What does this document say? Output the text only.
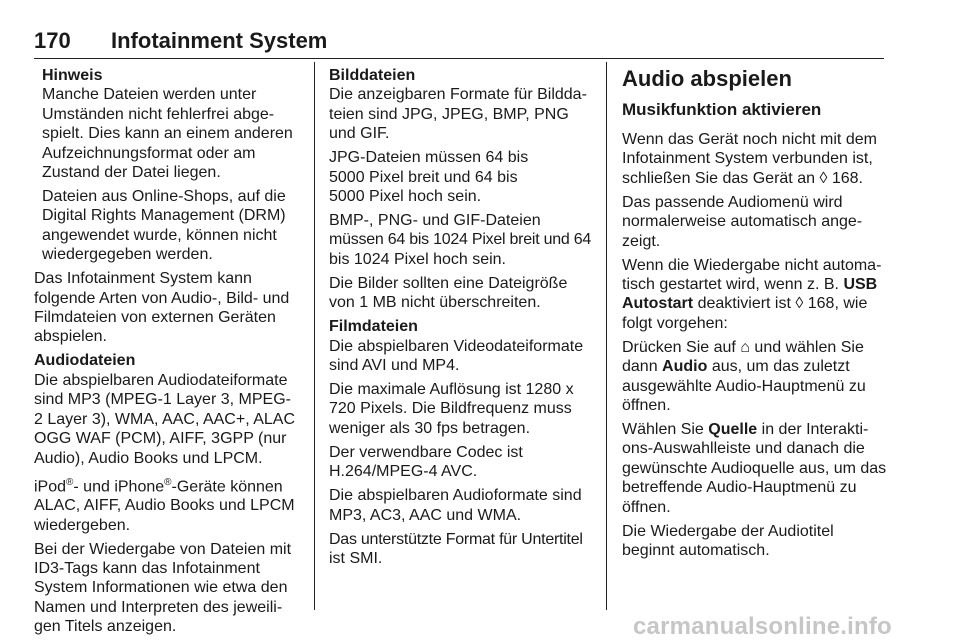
170 Infotainment System

Hinweis
Manche Dateien werden unter Umständen nicht fehlerfrei abgespielt. Dies kann an einem anderen Aufzeichnungsformat oder am Zustand der Datei liegen.

Dateien aus Online-Shops, auf die Digital Rights Management (DRM) angewendet wurde, können nicht wiedergegeben werden.

Das Infotainment System kann folgende Arten von Audio-, Bild- und Filmdateien von externen Geräten abspielen.

Audiodateien
Die abspielbaren Audiodateiformate sind MP3 (MPEG-1 Layer 3, MPEG-2 Layer 3), WMA, AAC, AAC+, ALAC OGG WAF (PCM), AIFF, 3GPP (nur Audio), Audio Books und LPCM.

iPod®- und iPhone®-Geräte können ALAC, AIFF, Audio Books und LPCM wiedergeben.

Bei der Wiedergabe von Dateien mit ID3-Tags kann das Infotainment System Informationen wie etwa den Namen und Interpreten des jeweiligen Titels anzeigen.

Bilddateien
Die anzeigbaren Formate für Bilddateien sind JPG, JPEG, BMP, PNG und GIF.

JPG-Dateien müssen 64 bis
5000 Pixel breit und 64 bis
5000 Pixel hoch sein.

BMP-, PNG- und GIF-Dateien
müssen 64 bis 1024 Pixel breit und 64
bis 1024 Pixel hoch sein.

Die Bilder sollten eine Dateigröße von 1 MB nicht überschreiten.

Filmdateien
Die abspielbaren Videodateiformate sind AVI und MP4.

Die maximale Auflösung ist 1280 x 720 Pixels. Die Bildfrequenz muss weniger als 30 fps betragen.

Der verwendbare Codec ist
H.264/MPEG-4 AVC.

Die abspielbaren Audioformate sind MP3, AC3, AAC und WMA.

Das unterstützte Format für Untertitel
ist SMI.

Audio abspielen
Musikfunktion aktivieren

Wenn das Gerät noch nicht mit dem Infotainment System verbunden ist, schließen Sie das Gerät an ◊ 168.

Das passende Audiomenü wird normalerweise automatisch angezeigt.

Wenn die Wiedergabe nicht automatisch gestartet wird, wenn z. B. USB Autostart deaktiviert ist ◊ 168, wie folgt vorgehen:

Drücken Sie auf ⌂ und wählen Sie dann Audio aus, um das zuletzt ausgewählte Audio-Hauptmenü zu öffnen.

Wählen Sie Quelle in der Interaktions-Auswahlleiste und danach die gewünschte Audioquelle aus, um das betreffende Audio-Hauptmenü zu öffnen.

Die Wiedergabe der Audiotitel beginnt automatisch.

carmanualsonline.info
